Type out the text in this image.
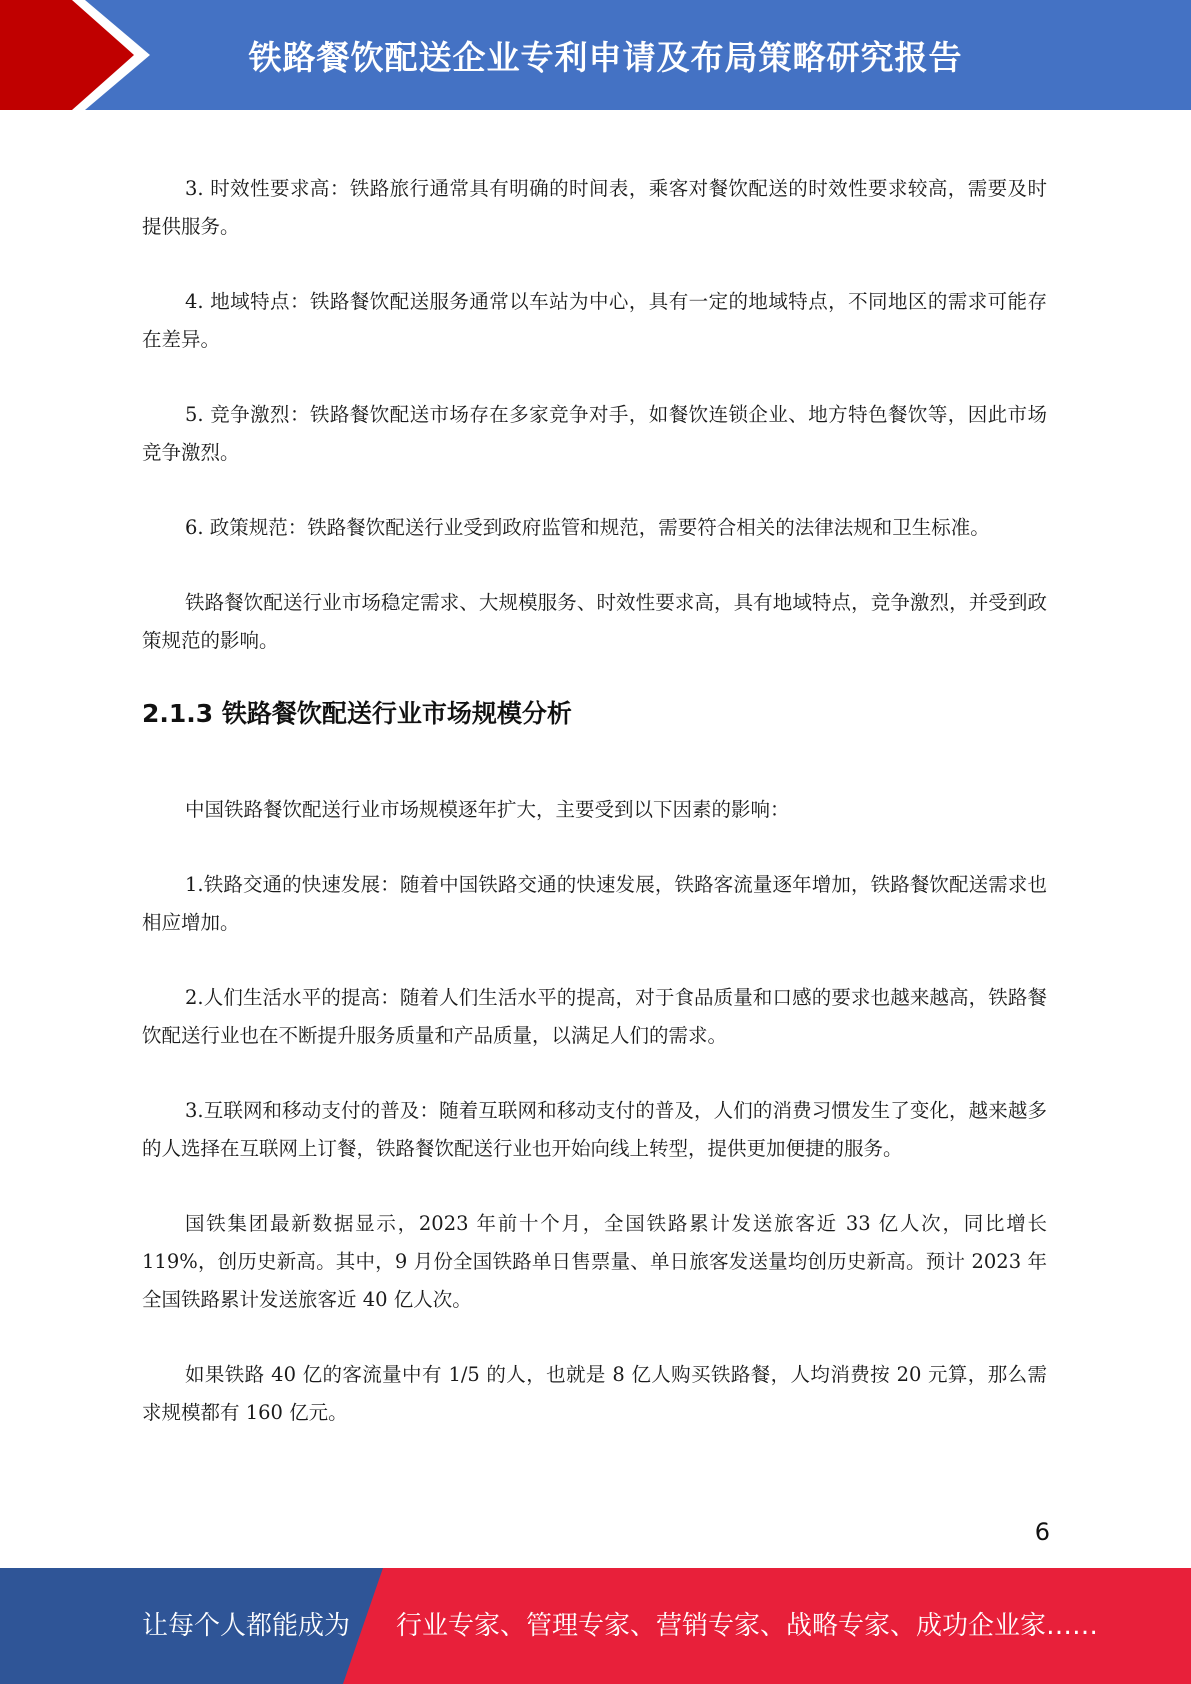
铁路餐饮配送企业专利申请及布局策略研究报告

3. 时效性要求高：铁路旅行通常具有明确的时间表，乘客对餐饮配送的时效性要求较高，需要及时提供服务。

4. 地域特点：铁路餐饮配送服务通常以车站为中心，具有一定的地域特点，不同地区的需求可能存在差异。

5. 竞争激烈：铁路餐饮配送市场存在多家竞争对手，如餐饮连锁企业、地方特色餐饮等，因此市场竞争激烈。

6. 政策规范：铁路餐饮配送行业受到政府监管和规范，需要符合相关的法律法规和卫生标准。

铁路餐饮配送行业市场稳定需求、大规模服务、时效性要求高，具有地域特点，竞争激烈，并受到政策规范的影响。

2.1.3 铁路餐饮配送行业市场规模分析

中国铁路餐饮配送行业市场规模逐年扩大，主要受到以下因素的影响：

1.铁路交通的快速发展：随着中国铁路交通的快速发展，铁路客流量逐年增加，铁路餐饮配送需求也相应增加。

2.人们生活水平的提高：随着人们生活水平的提高，对于食品质量和口感的要求也越来越高，铁路餐饮配送行业也在不断提升服务质量和产品质量，以满足人们的需求。

3.互联网和移动支付的普及：随着互联网和移动支付的普及，人们的消费习惯发生了变化，越来越多的人选择在互联网上订餐，铁路餐饮配送行业也开始向线上转型，提供更加便捷的服务。

国铁集团最新数据显示，2023 年前十个月，全国铁路累计发送旅客近 33 亿人次，同比增长 119%，创历史新高。其中，9 月份全国铁路单日售票量、单日旅客发送量均创历史新高。预计 2023 年全国铁路累计发送旅客近 40 亿人次。

如果铁路 40 亿的客流量中有 1/5 的人，也就是 8 亿人购买铁路餐，人均消费按 20 元算，那么需求规模都有 160 亿元。

6
让每个人都能成为 行业专家、管理专家、营销专家、战略专家、成功企业家……
